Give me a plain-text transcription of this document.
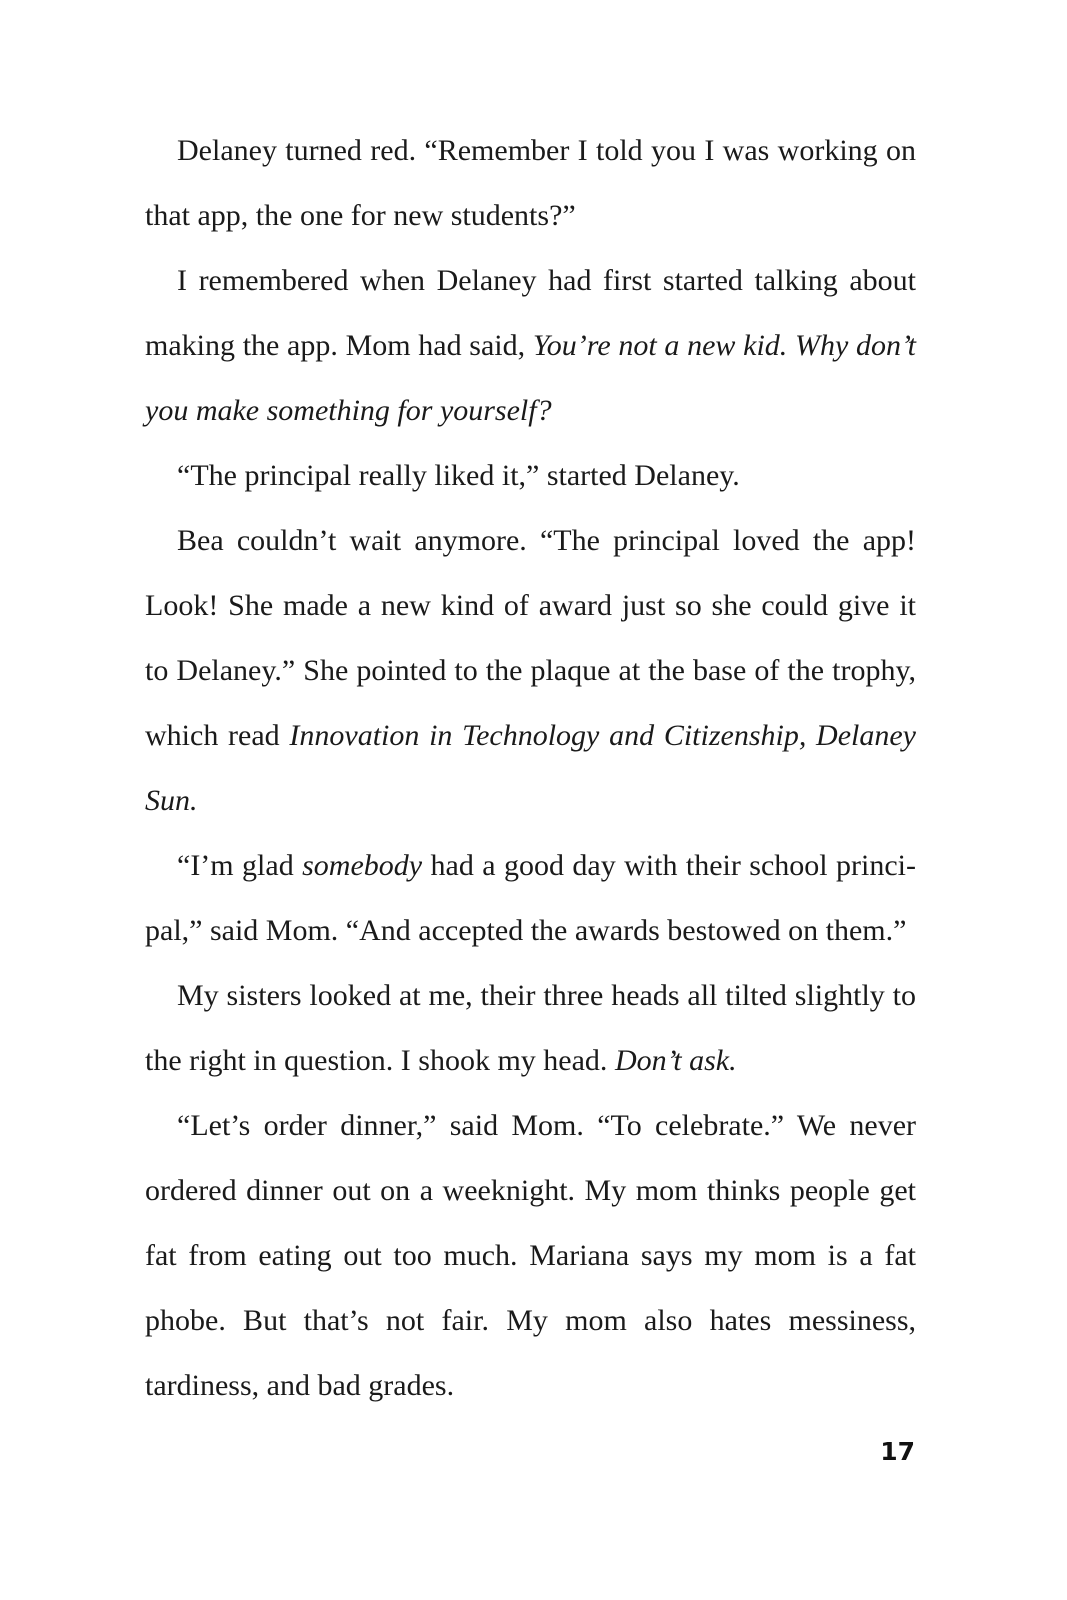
Delaney turned red. “Remember I told you I was working on that app, the one for new students?”

I remembered when Delaney had first started talking about making the app. Mom had said, You’re not a new kid. Why don’t you make something for yourself?

“The principal really liked it,” started Delaney.

Bea couldn’t wait anymore. “The principal loved the app! Look! She made a new kind of award just so she could give it to Delaney.” She pointed to the plaque at the base of the trophy, which read Innovation in Technology and Citizenship, Delaney Sun.

“I’m glad somebody had a good day with their school principal,” said Mom. “And accepted the awards bestowed on them.”

My sisters looked at me, their three heads all tilted slightly to the right in question. I shook my head. Don’t ask.

“Let’s order dinner,” said Mom. “To celebrate.” We never ordered dinner out on a weeknight. My mom thinks people get fat from eating out too much. Mariana says my mom is a fat phobe. But that’s not fair. My mom also hates messiness, tardiness, and bad grades.

17
